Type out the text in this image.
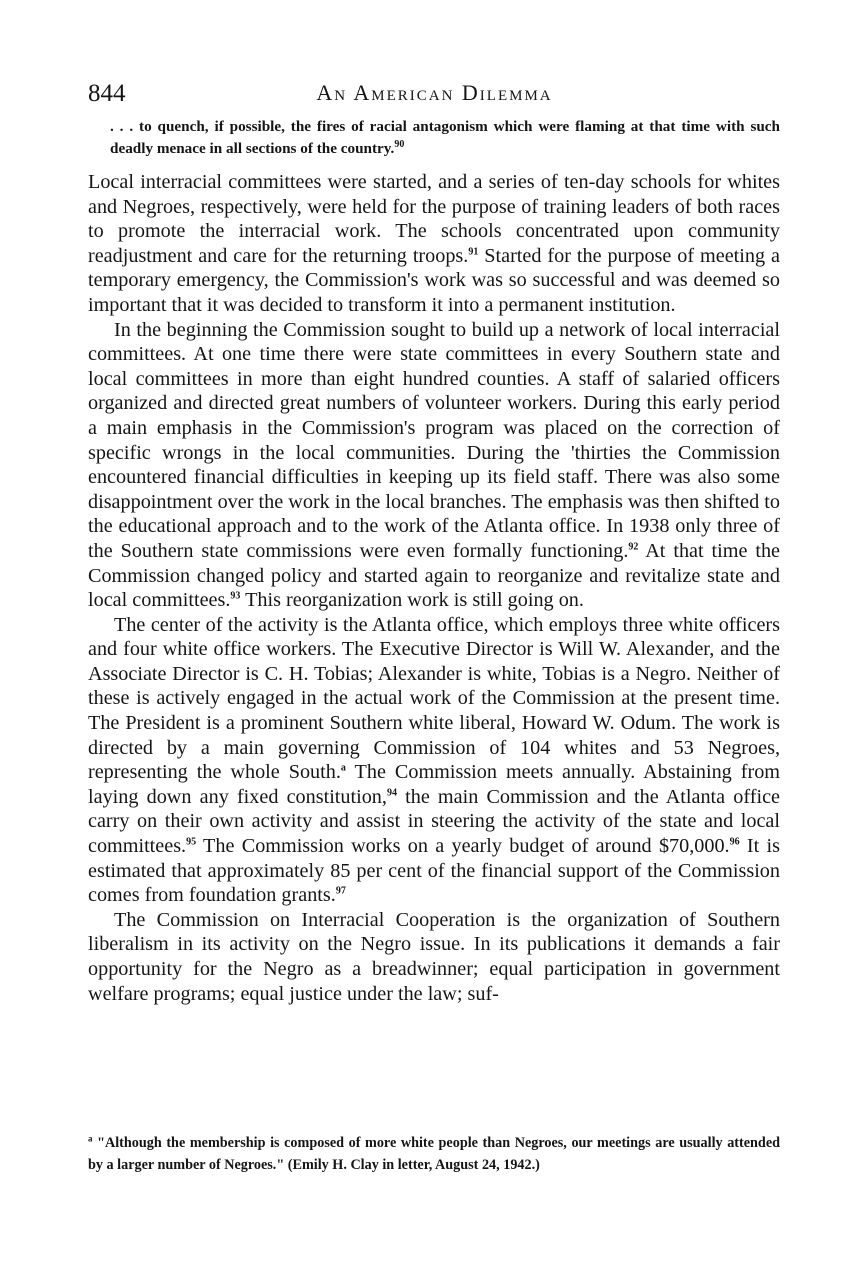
844	An American Dilemma
. . . to quench, if possible, the fires of racial antagonism which were flaming at that time with such deadly menace in all sections of the country.$^{90}$

Local interracial committees were started, and a series of ten-day schools for whites and Negroes, respectively, were held for the purpose of training leaders of both races to promote the interracial work. The schools concentrated upon community readjustment and care for the returning troops.$^{91}$ Started for the purpose of meeting a temporary emergency, the Commission's work was so successful and was deemed so important that it was decided to transform it into a permanent institution.

In the beginning the Commission sought to build up a network of local interracial committees. At one time there were state committees in every Southern state and local committees in more than eight hundred counties. A staff of salaried officers organized and directed great numbers of volunteer workers. During this early period a main emphasis in the Commission's program was placed on the correction of specific wrongs in the local communities. During the 'thirties the Commission encountered financial difficulties in keeping up its field staff. There was also some disappointment over the work in the local branches. The emphasis was then shifted to the educational approach and to the work of the Atlanta office. In 1938 only three of the Southern state commissions were even formally functioning.$^{92}$ At that time the Commission changed policy and started again to reorganize and revitalize state and local committees.$^{93}$ This reorganization work is still going on.

The center of the activity is the Atlanta office, which employs three white officers and four white office workers. The Executive Director is Will W. Alexander, and the Associate Director is C. H. Tobias; Alexander is white, Tobias is a Negro. Neither of these is actively engaged in the actual work of the Commission at the present time. The President is a prominent Southern white liberal, Howard W. Odum. The work is directed by a main governing Commission of 104 whites and 53 Negroes, representing the whole South.$^a$ The Commission meets annually. Abstaining from laying down any fixed constitution,$^{94}$ the main Commission and the Atlanta office carry on their own activity and assist in steering the activity of the state and local committees.$^{95}$ The Commission works on a yearly budget of around $70,000.96 It is estimated that approximately 85 per cent of the financial support of the Commission comes from foundation grants.$^{97}$

The Commission on Interracial Cooperation is the organization of Southern liberalism in its activity on the Negro issue. In its publications it demands a fair opportunity for the Negro as a breadwinner; equal participation in government welfare programs; equal justice under the law; suf-

$^a$ "Although the membership is composed of more white people than Negroes, our meetings are usually attended by a larger number of Negroes." (Emily H. Clay in letter, August 24, 1942.)
